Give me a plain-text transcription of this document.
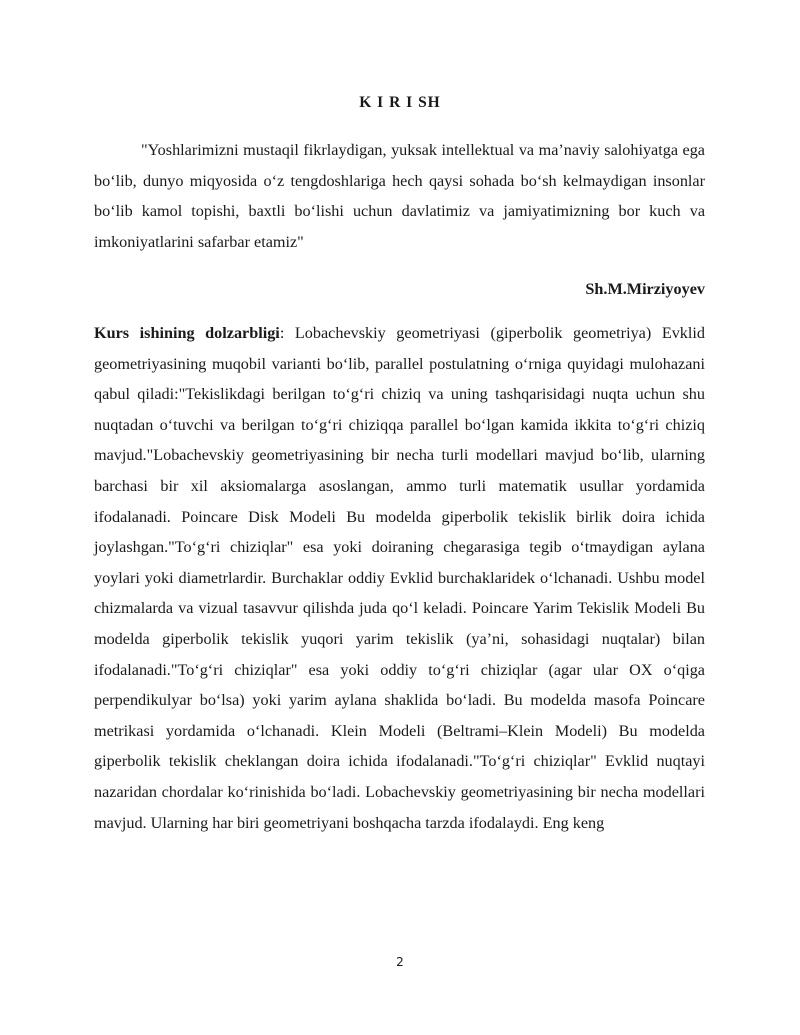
K I R I SH

"Yoshlarimizni mustaqil fikrlaydigan, yuksak intellektual va ma’naviy salohiyatga ega bo‘lib, dunyo miqyosida o‘z tengdoshlariga hech qaysi sohada bo‘sh kelmaydigan insonlar bo‘lib kamol topishi, baxtli bo‘lishi uchun davlatimiz va jamiyatimizning bor kuch va imkoniyatlarini safarbar etamiz"

Sh.M.Mirziyoyev

Kurs ishining dolzarbligi: Lobachevskiy geometriyasi (giperbolik geometriya) Evklid geometriyasining muqobil varianti bo‘lib, parallel postulatning o‘rniga quyidagi mulohazani qabul qiladi:"Tekislikdagi berilgan to‘g‘ri chiziq va uning tashqarisidagi nuqta uchun shu nuqtadan o‘tuvchi va berilgan to‘g‘ri chiziqqa parallel bo‘lgan kamida ikkita to‘g‘ri chiziq mavjud."Lobachevskiy geometriyasining bir necha turli modellari mavjud bo‘lib, ularning barchasi bir xil aksiomalarga asoslangan, ammo turli matematik usullar yordamida ifodalanadi. Poincare Disk Modeli Bu modelda giperbolik tekislik birlik doira ichida joylashgan."To‘g‘ri chiziqlar" esa yoki doiraning chegarasiga tegib o‘tmaydigan aylana yoylari yoki diametrlardir. Burchaklar oddiy Evklid burchaklaridek o‘lchanadi. Ushbu model chizmalarda va vizual tasavvur qilishda juda qo‘l keladi. Poincare Yarim Tekislik Modeli Bu modelda giperbolik tekislik yuqori yarim tekislik (ya’ni, sohasidagi nuqtalar) bilan ifodalanadi."To‘g‘ri chiziqlar" esa yoki oddiy to‘g‘ri chiziqlar (agar ular OX o‘qiga perpendikulyar bo‘lsa) yoki yarim aylana shaklida bo‘ladi. Bu modelda masofa Poincare metrikasi yordamida o‘lchanadi. Klein Modeli (Beltrami–Klein Modeli) Bu modelda giperbolik tekislik cheklangan doira ichida ifodalanadi."To‘g‘ri chiziqlar" Evklid nuqtayi nazaridan chordalar ko‘rinishida bo‘ladi. Lobachevskiy geometriyasining bir necha modellari mavjud. Ularning har biri geometriyani boshqacha tarzda ifodalaydi. Eng keng

2
